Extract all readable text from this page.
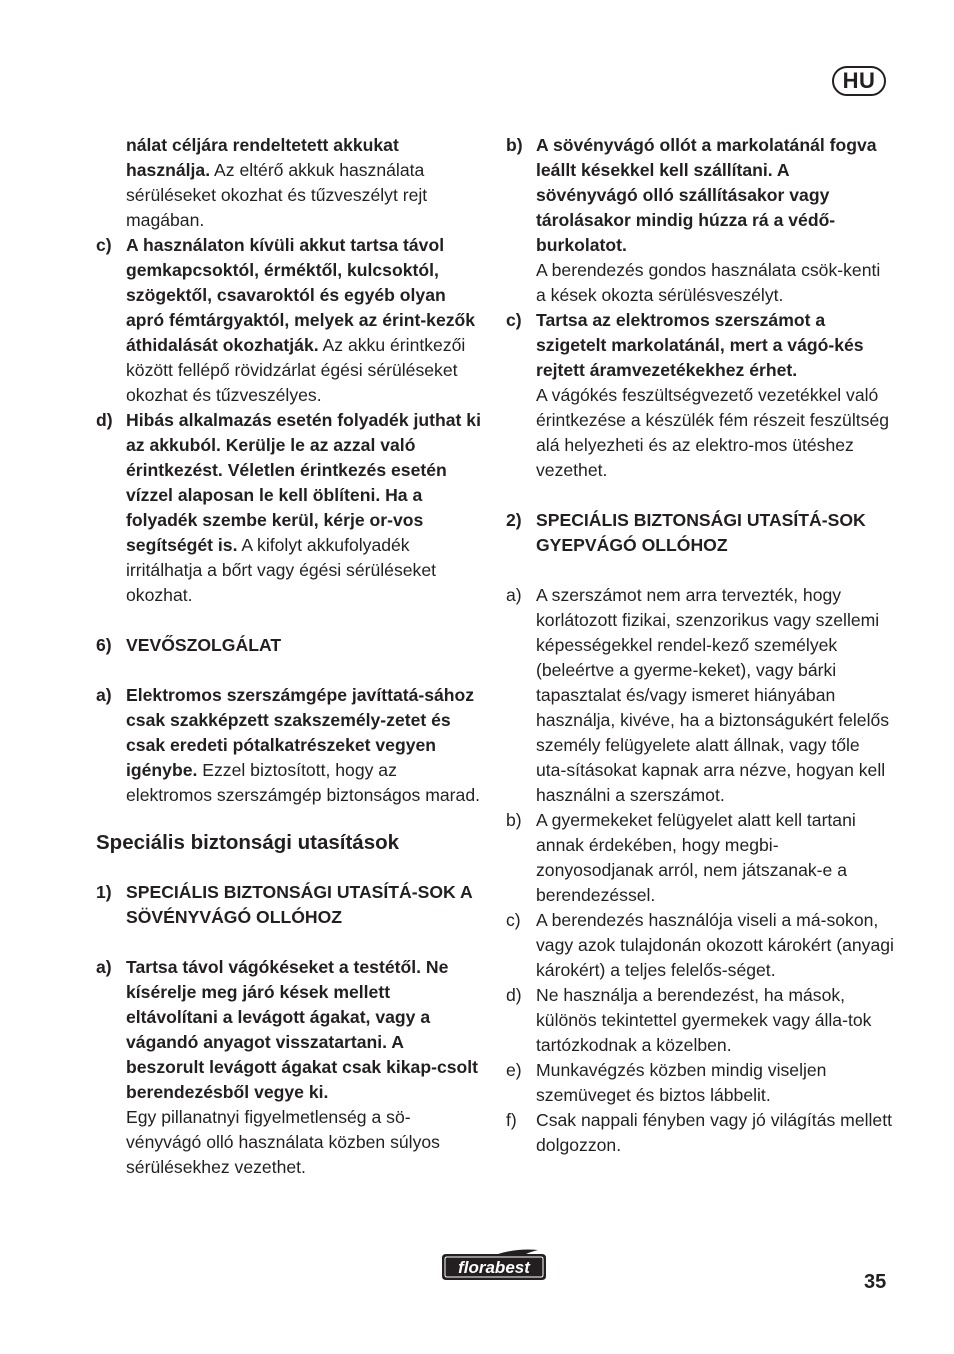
HU
nálat céljára rendeltetett akkukat használja. Az eltérő akkuk használata sérüléseket okozhat és tűzveszélyt rejt magában.
c) A használaton kívüli akkut tartsa távol gemkapcsoktól, érméktől, kulcsoktól, szögektől, csavaroktól és egyéb olyan apró fémtárgyaktól, melyek az érint-kezők áthidalását okozhatják. Az akku érintkezői között fellépő rövidzárlat égési sérüléseket okozhat és tűzveszélyes.
d) Hibás alkalmazás esetén folyadék juthat ki az akkuból. Kerülje le az azzal való érintkezést. Véletlen érintkezés esetén vízzel alaposan le kell öblíteni. Ha a folyadék szembe kerül, kérje or-vos segítségét is. A kifolyt akkufolyadék irritálhatja a bőrt vagy égési sérüléseket okozhat.
6) VEVŐSZOLGÁLAT
a) Elektromos szerszámgépe javíttatá-sához csak szakképzett szakszemély-zetet és csak eredeti pótalkatrészeket vegyen igénybe. Ezzel biztosított, hogy az elektromos szerszámgép biztonságos marad.
Speciális biztonsági utasítások
1) SPECIÁLIS BIZTONSÁGI UTASÍTÁ-SOK A SÖVÉNYVÁGÓ OLLÓHOZ
a) Tartsa távol vágókéseket a testétől. Ne kísérelje meg járó kések mellett eltávolítani a levágott ágakat, vagy a vágandó anyagot visszatartani. A beszorult levágott ágakat csak kikap-csolt berendezésből vegye ki.
Egy pillanatnyi figyelmetlenség a sö-vényvágó olló használata közben súlyos sérülésekhez vezethet.
b) A sövényvágó ollót a markolatánál fogva leállt késekkel kell szállítani. A sövényvágó olló szállításakor vagy tárolásakor mindig húzza rá a védő-burkolatot.
A berendezés gondos használata csök-kenti a kések okozta sérülésveszélyt.
c) Tartsa az elektromos szerszámot a szigetelt markolatánál, mert a vágó-kés rejtett áramvezetékekhez érhet.
A vágókés feszültségvezető vezetékkel való érintkezése a készülék fém részeit feszültség alá helyezheti és az elektro-mos ütéshez vezethet.
2) SPECIÁLIS BIZTONSÁGI UTASÍTÁ-SOK GYEPVÁGÓ OLLÓHOZ
a) A szerszámot nem arra tervezték, hogy korlátozott fizikai, szenzorikus vagy szellemi képességekkel rendel-kező személyek (beleértve a gyerme-keket), vagy bárki tapasztalat és/vagy ismeret hiányában használja, kivéve, ha a biztonságukért felelős személy felügyelete alatt állnak, vagy tőle uta-sításokat kapnak arra nézve, hogyan kell használni a szerszámot.
b) A gyermekeket felügyelet alatt kell tartani annak érdekében, hogy megbi-zonyosodjanak arról, nem játszanak-e a berendezéssel.
c) A berendezés használója viseli a má-sokon, vagy azok tulajdonán okozott károkért (anyagi károkért) a teljes felelős-séget.
d) Ne használja a berendezést, ha mások, különös tekintettel gyermekek vagy álla-tok tartózkodnak a közelben.
e) Munkavégzés közben mindig viseljen szemüveget és biztos lábbelit.
f)	Csak nappali fényben vagy jó világítás mellett dolgozzon.
florabest
35
